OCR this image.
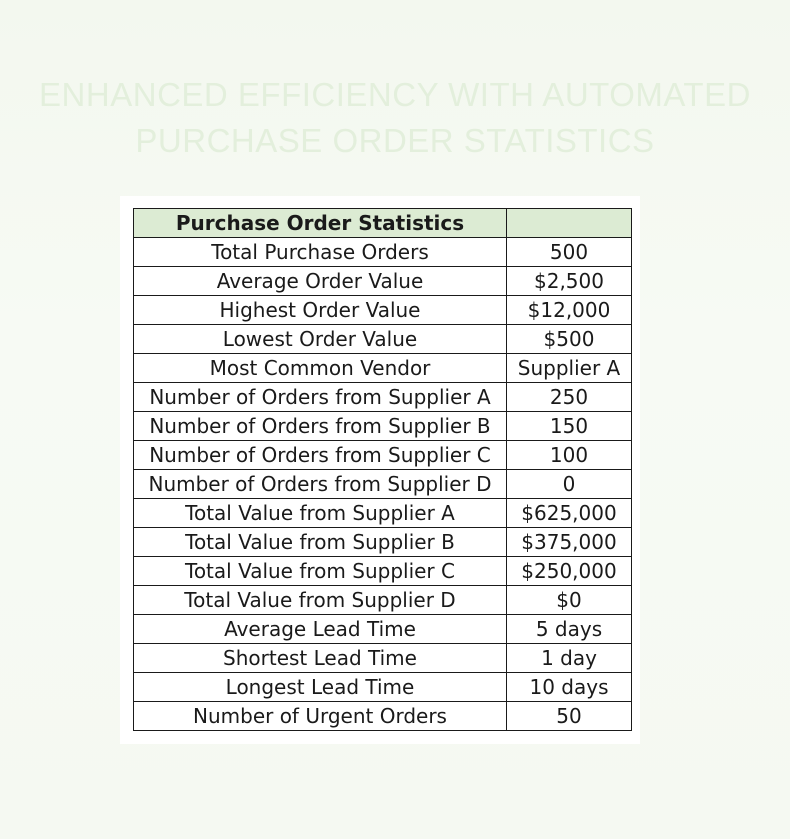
ENHANCED EFFICIENCY WITH AUTOMATED
PURCHASE ORDER STATISTICS
Purchase Order Statistics	
Total Purchase Orders	500
Average Order Value	$2,500
Highest Order Value	$12,000
Lowest Order Value	$500
Most Common Vendor	Supplier A
Number of Orders from Supplier A	250
Number of Orders from Supplier B	150
Number of Orders from Supplier C	100
Number of Orders from Supplier D	0
Total Value from Supplier A	$625,000
Total Value from Supplier B	$375,000
Total Value from Supplier C	$250,000
Total Value from Supplier D	$0
Average Lead Time	5 days
Shortest Lead Time	1 day
Longest Lead Time	10 days
Number of Urgent Orders	50
